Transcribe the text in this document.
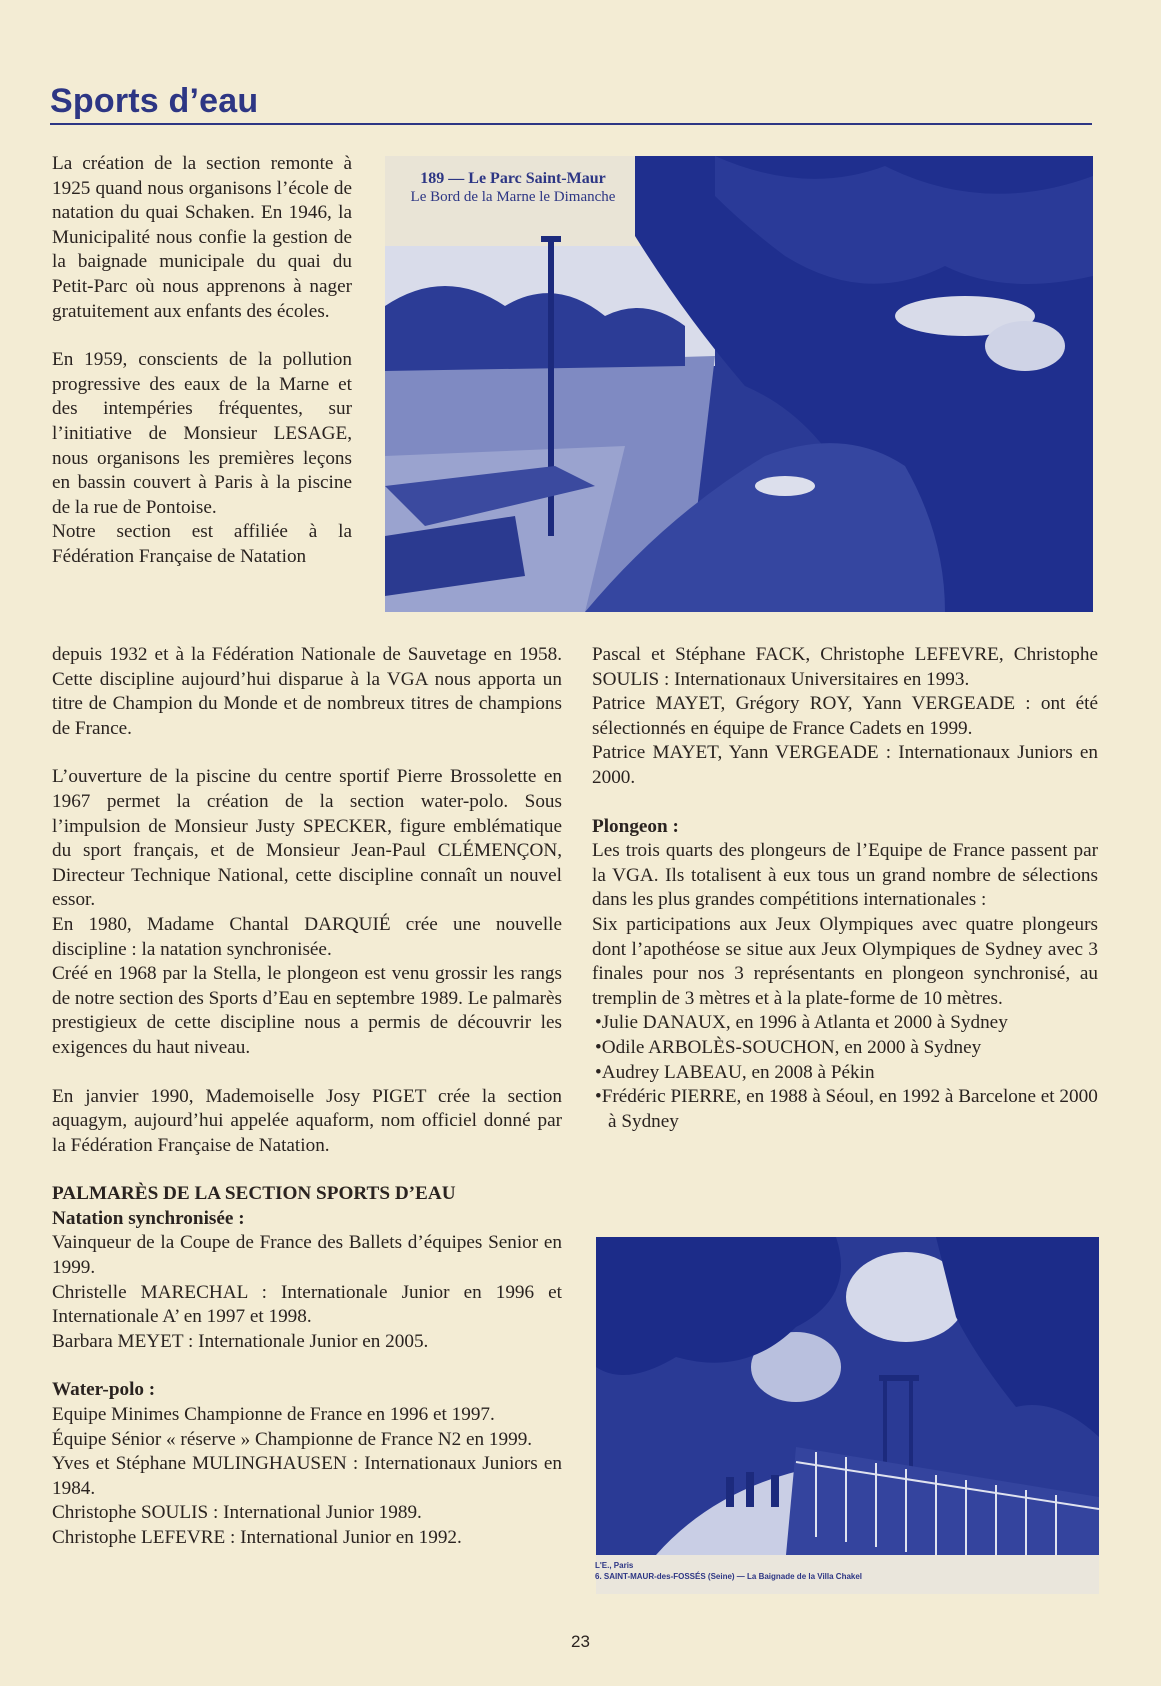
Sports d’eau
189 — Le Parc Saint-Maur
Le Bord de la Marne le Dimanche

La création de la section remonte à 1925 quand nous organisons l’école de natation du quai Schaken. En 1946, la Municipalité nous confie la gestion de la baignade municipale du quai du Petit-Parc où nous apprenons à nager gratuitement aux enfants des écoles.

En 1959, conscients de la pollution progressive des eaux de la Marne et des intempéries fréquentes, sur l’initiative de Monsieur LESAGE, nous organisons les premières leçons en bassin couvert à Paris à la piscine de la rue de Pontoise.

Notre section est affiliée à la Fédération Française de Natation

depuis 1932 et à la Fédération Nationale de Sauvetage en 1958. Cette discipline aujourd’hui disparue à la VGA nous apporta un titre de Champion du Monde et de nombreux titres de champions de France.

L’ouverture de la piscine du centre sportif Pierre Brossolette en 1967 permet la création de la section water-polo. Sous l’impulsion de Monsieur Justy SPECKER, figure emblématique du sport français, et de Monsieur Jean-Paul CLÉMENÇON, Directeur Technique National, cette discipline connaît un nouvel essor.

En 1980, Madame Chantal DARQUIÉ crée une nouvelle discipline : la natation synchronisée.

Créé en 1968 par la Stella, le plongeon est venu grossir les rangs de notre section des Sports d’Eau en septembre 1989. Le palmarès prestigieux de cette discipline nous a permis de découvrir les exigences du haut niveau.

En janvier 1990, Mademoiselle Josy PIGET crée la section aquagym, aujourd’hui appelée aquaform, nom officiel donné par la Fédération Française de Natation.

PALMARÈS DE LA SECTION SPORTS D’EAU

Natation synchronisée :

Vainqueur de la Coupe de France des Ballets d’équipes Senior en 1999.

Christelle MARECHAL : Internationale Junior en 1996 et Internationale A’ en 1997 et 1998.

Barbara MEYET : Internationale Junior en 2005.

Water-polo :

Equipe Minimes Championne de France en 1996 et 1997.

Équipe Sénior « réserve » Championne de France N2 en 1999.

Yves et Stéphane MULINGHAUSEN : Internationaux Juniors en 1984.

Christophe SOULIS : International Junior 1989.

Christophe LEFEVRE : International Junior en 1992.

Pascal et Stéphane FACK, Christophe LEFEVRE, Christophe SOULIS : Internationaux Universitaires en 1993.

Patrice MAYET, Grégory ROY, Yann VERGEADE : ont été sélectionnés en équipe de France Cadets en 1999.

Patrice MAYET, Yann VERGEADE : Internationaux Juniors en 2000.

Plongeon :

Les trois quarts des plongeurs de l’Equipe de France passent par la VGA. Ils totalisent à eux tous un grand nombre de sélections dans les plus grandes compétitions internationales :

Six participations aux Jeux Olympiques avec quatre plongeurs dont l’apothéose se situe aux Jeux Olympiques de Sydney avec 3 finales pour nos 3 représentants en plongeon synchronisé, au tremplin de 3 mètres et à la plate-forme de 10 mètres.

•Julie DANAUX, en 1996 à Atlanta et 2000 à Sydney

•Odile ARBOLÈS-SOUCHON, en 2000 à Sydney

•Audrey LABEAU, en 2008 à Pékin

•Frédéric PIERRE, en 1988 à Séoul, en 1992 à Barcelone et 2000 à Sydney

L'E., Paris
6. SAINT-MAUR-des-FOSSÉS (Seine) — La Baignade de la Villa Chakel
23
